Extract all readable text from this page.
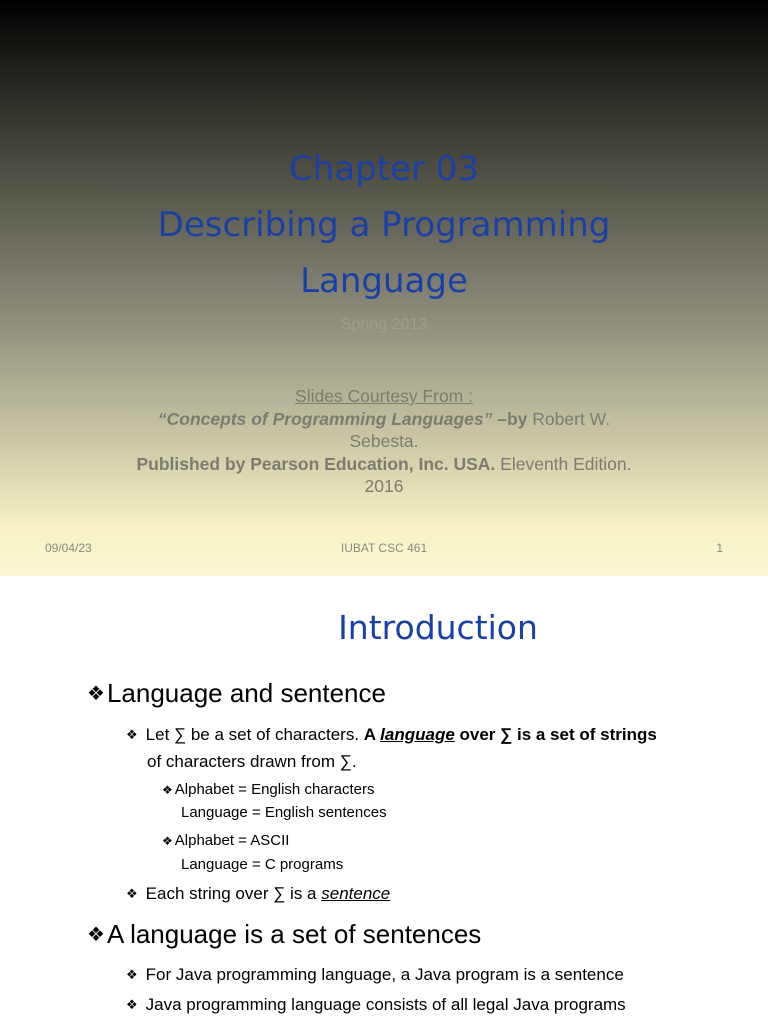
Chapter 03
Describing a Programming
Language
Spring 2013
Slides Courtesy From :
“Concepts of Programming Languages” –by Robert W.
Sebesta.
Published by Pearson Education, Inc. USA. Eleventh Edition.
2016
09/04/23	IUBAT CSC 461	1
Introduction
❖Language and sentence
❖ Let ∑ be a set of characters. A language over ∑ is a set of strings
of characters drawn from ∑.
❖ Alphabet = English characters
Language = English sentences
❖ Alphabet = ASCII
Language = C programs
❖ Each string over ∑ is a sentence
❖A language is a set of sentences
❖ For Java programming language, a Java program is a sentence
❖ Java programming language consists of all legal Java programs
